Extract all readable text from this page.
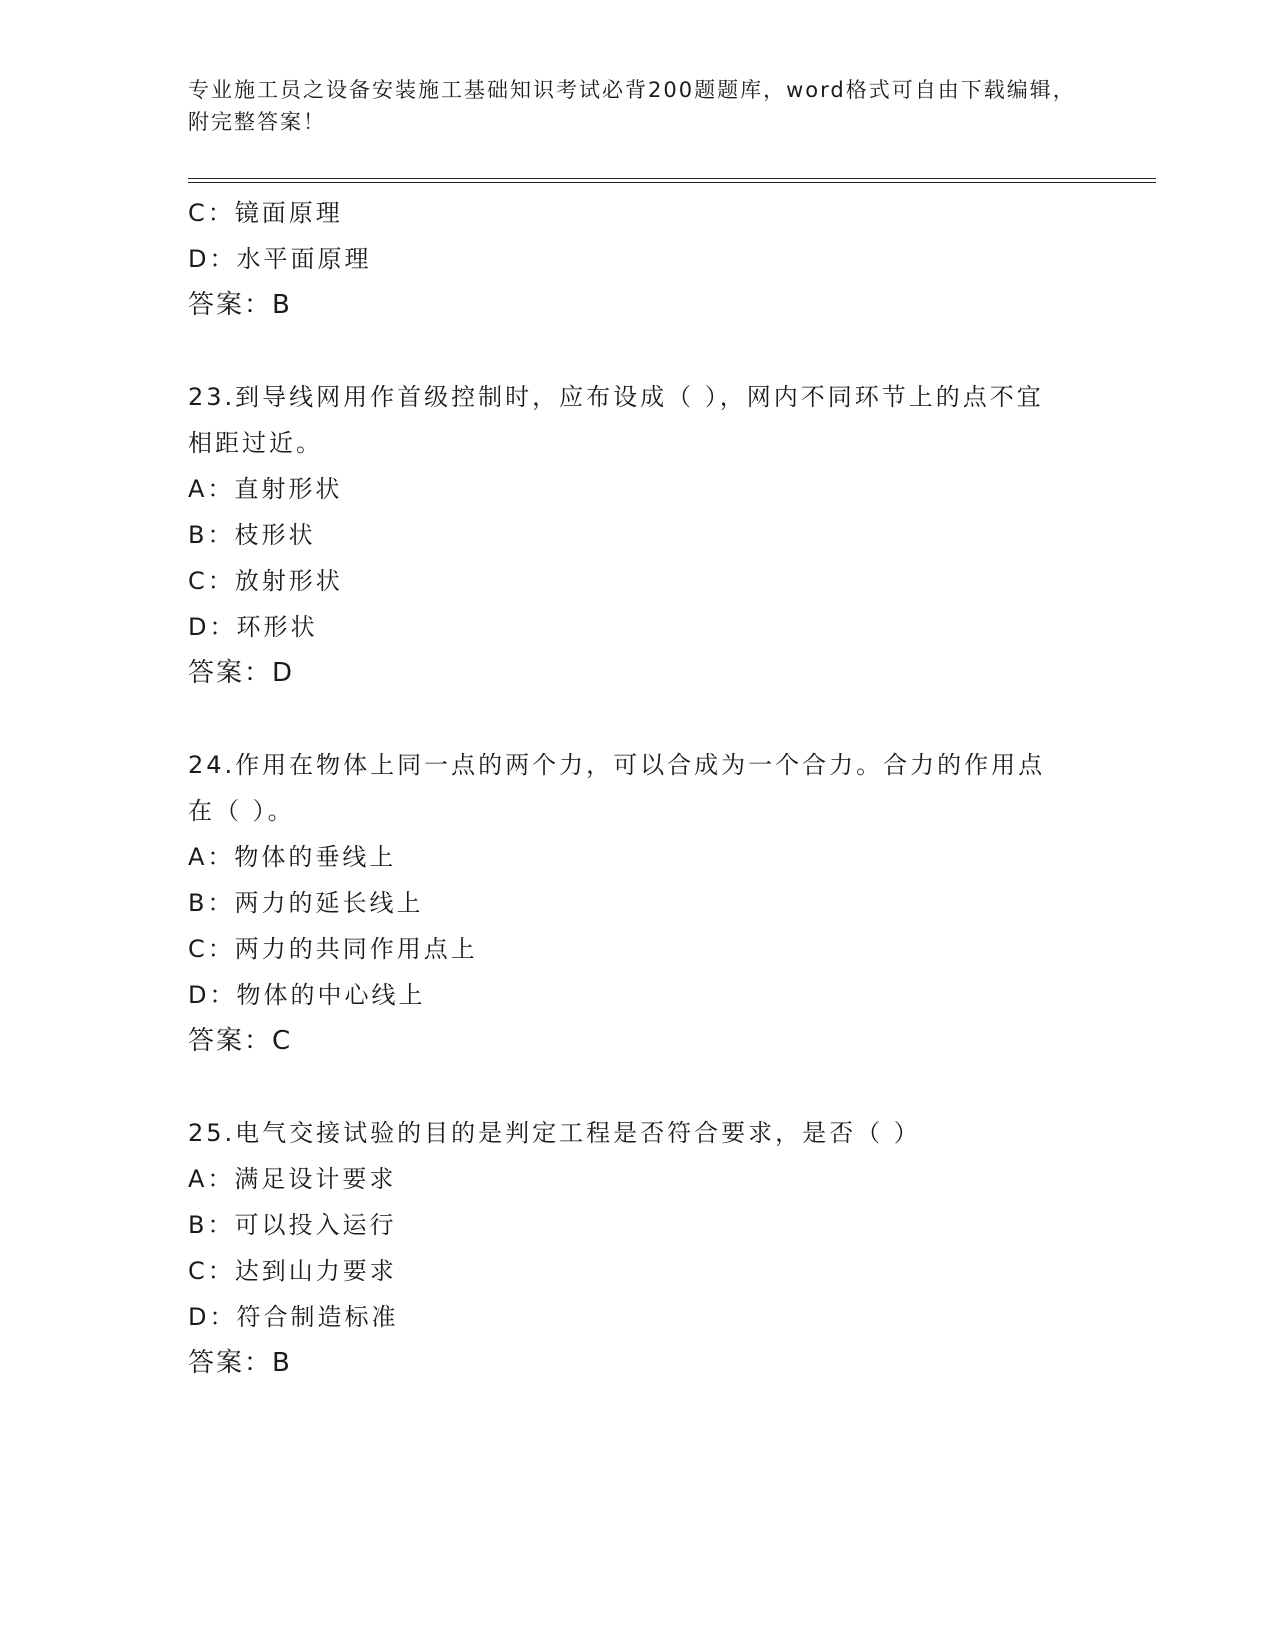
专业施工员之设备安装施工基础知识考试必背200题题库，word格式可自由下载编辑，附完整答案！
C：镜面原理
D：水平面原理
答案：B
23.到导线网用作首级控制时，应布设成（ ），网内不同环节上的点不宜相距过近。
A：直射形状
B：枝形状
C：放射形状
D：环形状
答案：D
24.作用在物体上同一点的两个力，可以合成为一个合力。合力的作用点在（ ）。
A：物体的垂线上
B：两力的延长线上
C：两力的共同作用点上
D：物体的中心线上
答案：C
25.电气交接试验的目的是判定工程是否符合要求，是否（ ）
A：满足设计要求
B：可以投入运行
C：达到山力要求
D：符合制造标准
答案：B
